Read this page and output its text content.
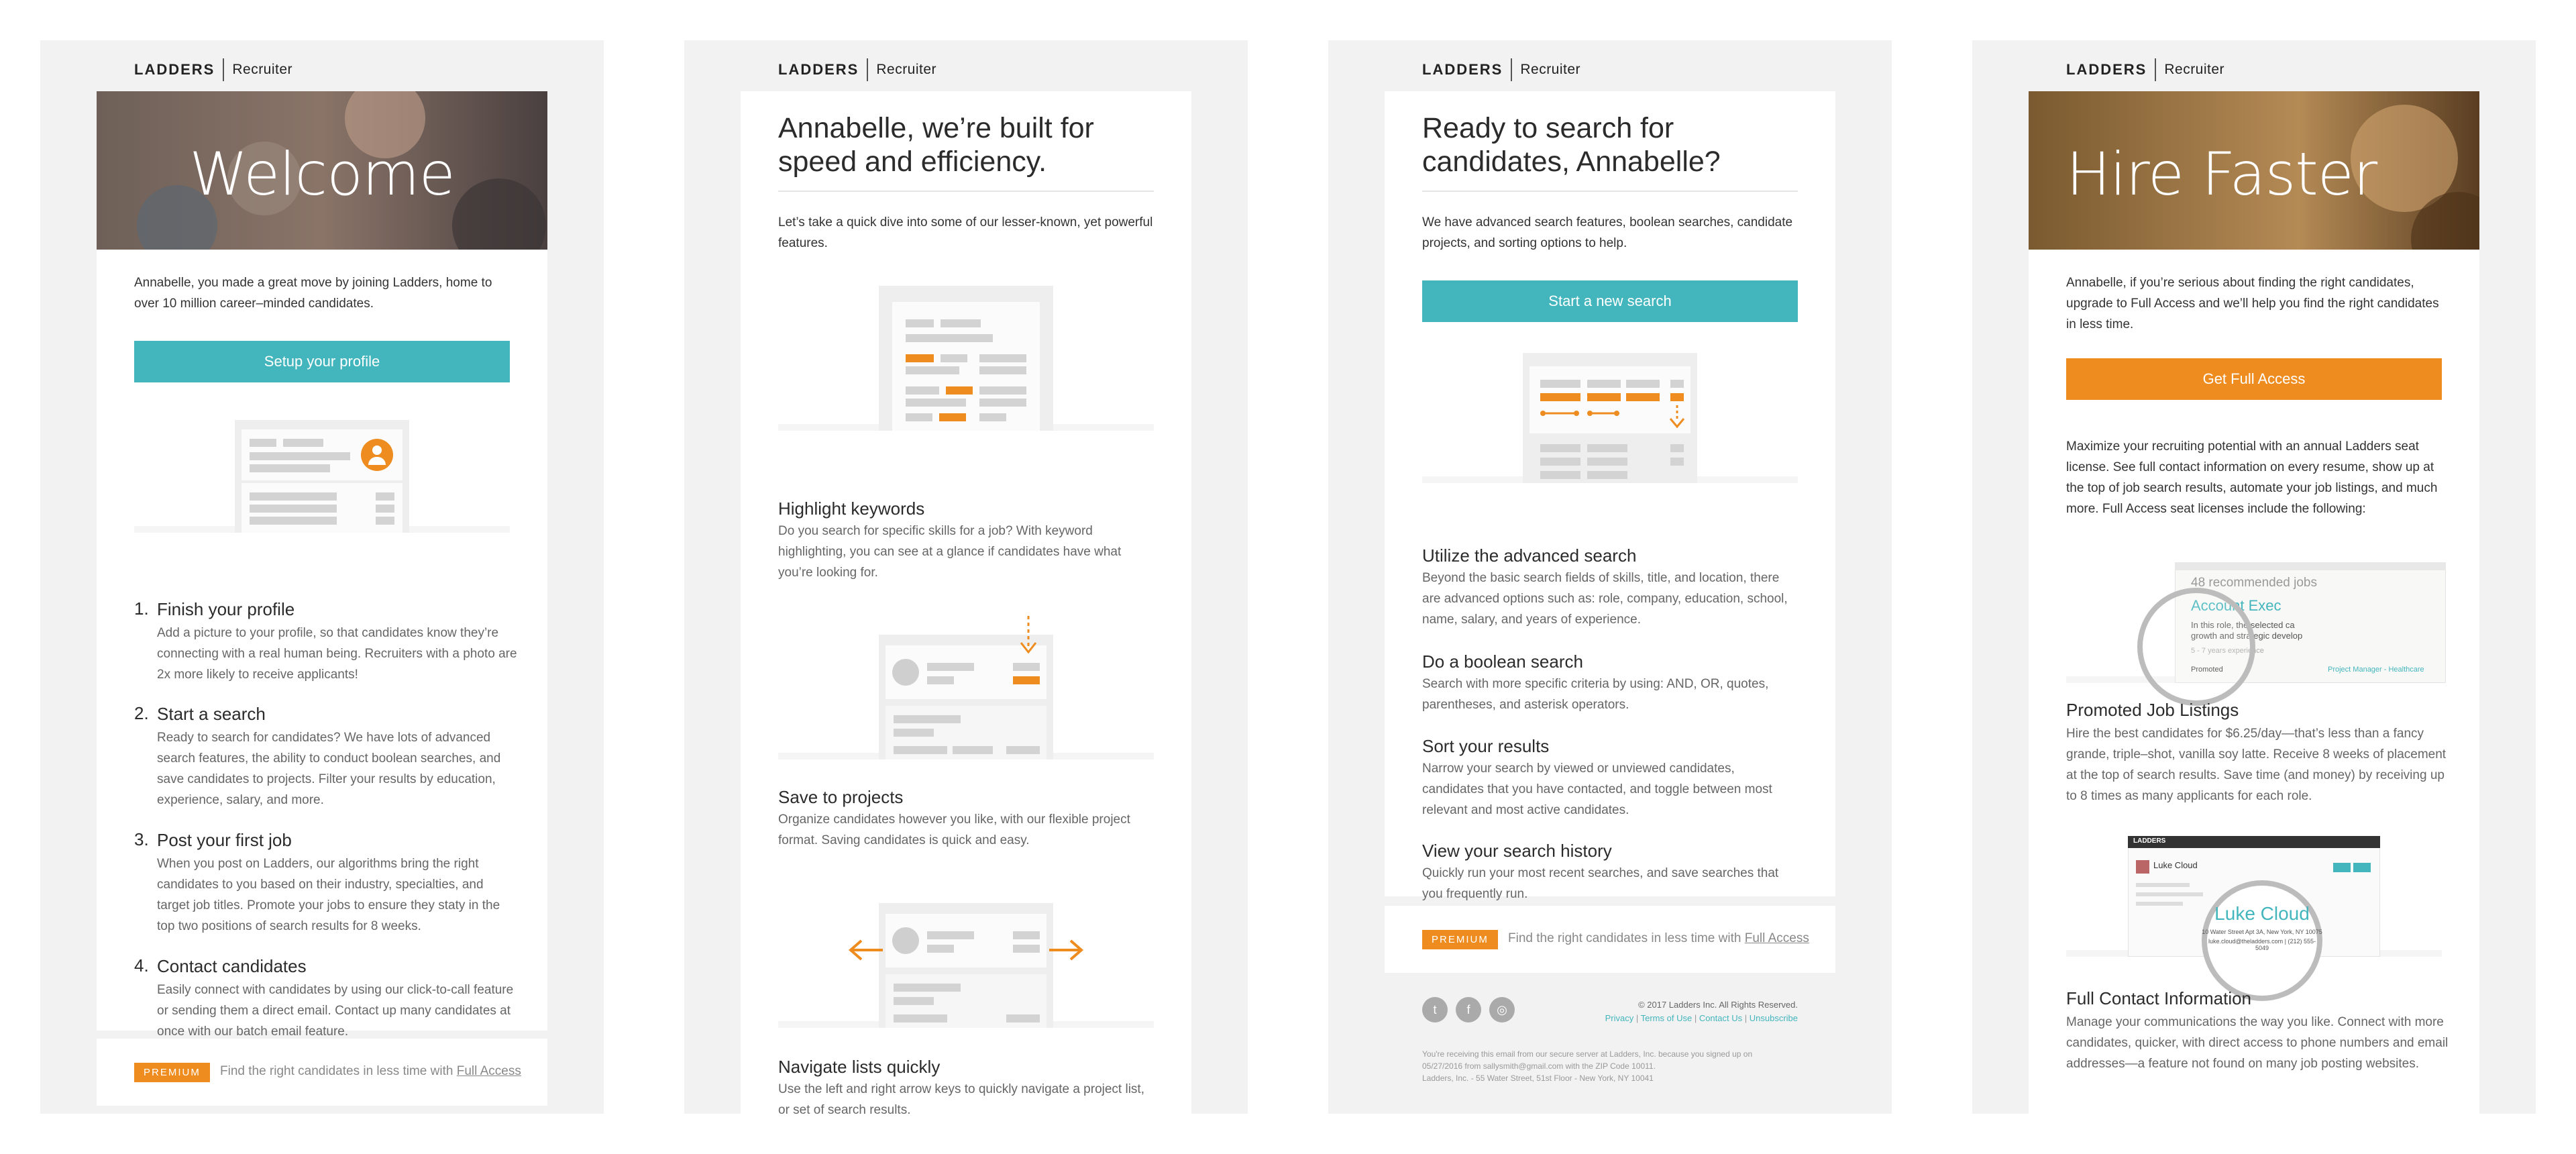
LADDERS Recruiter
Welcome
Annabelle, you made a great move by joining Ladders, home to over 10 million career–minded candidates.
Setup your profile
1. Finish your profile
Add a picture to your profile, so that candidates know they’re connecting with a real human being. Recruiters with a photo are 2x more likely to receive applicants!
2. Start a search
Ready to search for candidates? We have lots of advanced search features, the ability to conduct boolean searches, and save candidates to projects. Filter your results by education, experience, salary, and more.
3. Post your first job
When you post on Ladders, our algorithms bring the right candidates to you based on their industry, specialties, and target job titles. Promote your jobs to ensure they staty in the top two positions of search results for 8 weeks.
4. Contact candidates
Easily connect with candidates by using our click-to-call feature or sending them a direct email. Contact up many candidates at once with our batch email feature.
PREMIUM	Find the right candidates in less time with Full Access
LADDERS Recruiter
Annabelle, we’re built for speed and efficiency.
Let’s take a quick dive into some of our lesser-known, yet powerful features.
Highlight keywords
Do you search for specific skills for a job? With keyword highlighting, you can see at a glance if candidates have what you’re looking for.
Save to projects
Organize candidates however you like, with our flexible project format. Saving candidates is quick and easy.
Navigate lists quickly
Use the left and right arrow keys to quickly navigate a project list, or set of search results.
LADDERS Recruiter
Ready to search for candidates, Annabelle?
We have advanced search features, boolean searches, candidate projects, and sorting options to help.
Start a new search
Utilize the advanced search
Beyond the basic search fields of skills, title, and location, there are advanced options such as: role, company, education, school, name, salary, and years of experience.
Do a boolean search
Search with more specific criteria by using: AND, OR, quotes, parentheses, and asterisk operators.
Sort your results
Narrow your search by viewed or unviewed candidates, candidates that you have contacted, and toggle between most relevant and most active candidates.
View your search history
Quickly run your most recent searches, and save searches that you frequently run.
PREMIUM	Find the right candidates in less time with Full Access
t	f	◎	© 2017 Ladders Inc. All Rights Reserved.
Privacy | Terms of Use | Contact Us | Unsubscribe
You're receiving this email from our secure server at Ladders, Inc. because you signed up on
05/27/2016 from sallysmith@gmail.com with the ZIP Code 10011.
Ladders, Inc. - 55 Water Street, 51st Floor - New York, NY 10041
LADDERS Recruiter
Hire Faster
Annabelle, if you’re serious about finding the right candidates, upgrade to Full Access and we’ll help you find the right candidates in less time.
Get Full Access
Maximize your recruiting potential with an annual Ladders seat license. See full contact information on every resume, show up at the top of job search results, automate your job listings, and much more. Full Access seat licenses include the following:
48 recommended jobs
Account Exec
In this role, the selected ca
growth and strategic develop
5 - 7 years experience
Promoted	Project Manager - Healthcare
Promoted Job Listings
Hire the best candidates for $6.25/day—that’s less than a fancy grande, triple–shot, vanilla soy latte. Receive 8 weeks of placement at the top of search results. Save time (and money) by receiving up to 8 times as many applicants for each role.
LADDERS
Luke Cloud
Luke Cloud
10 Water Street Apt 3A, New York, NY 10075
luke.cloud@theladders.com | (212) 555-5049
Full Contact Information
Manage your communications the way you like. Connect with more candidates, quicker, with direct access to phone numbers and email addresses—a feature not found on many job posting websites.
